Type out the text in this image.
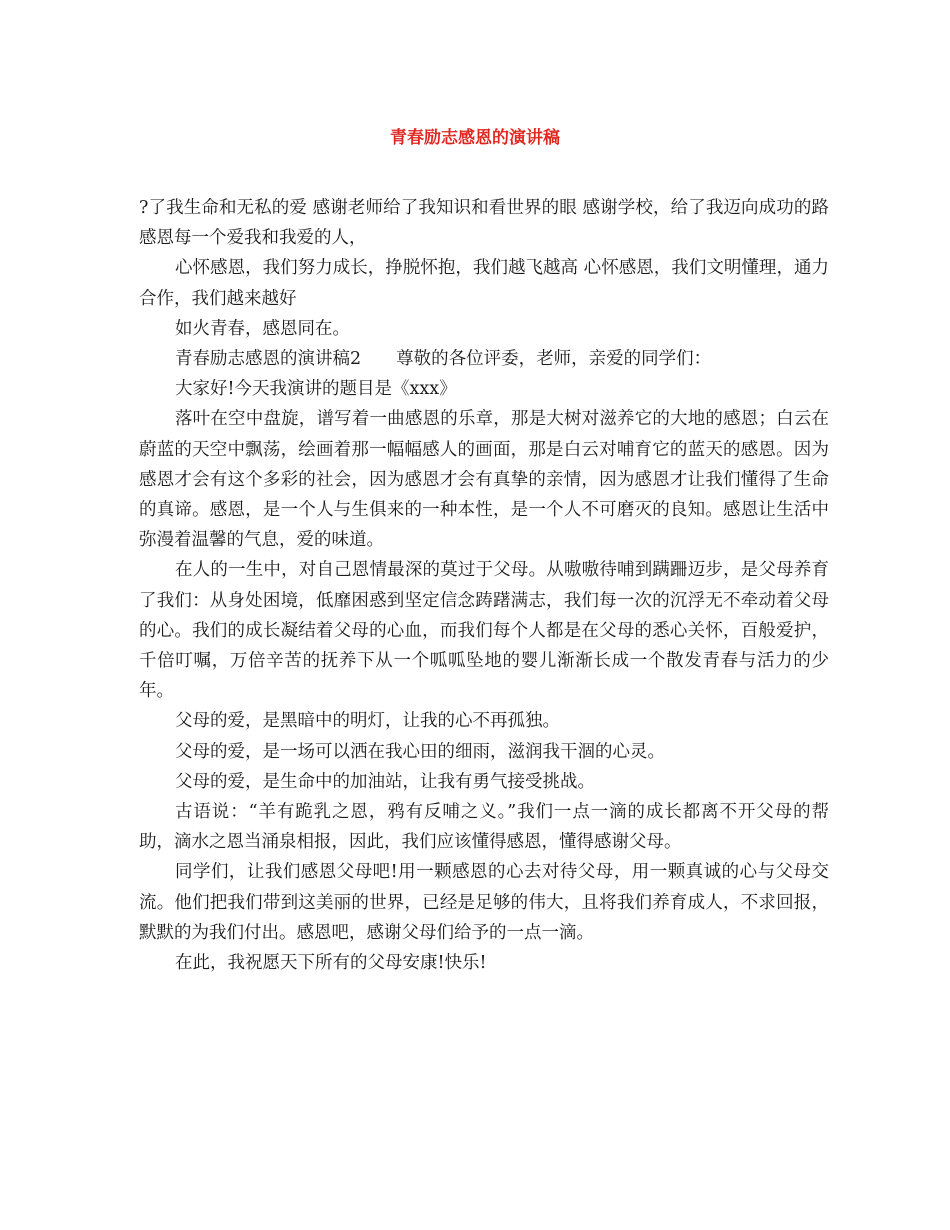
青春励志感恩的演讲稿

?了我生命和无私的爱 感谢老师给了我知识和看世界的眼 感谢学校，给了我迈向成功的路 感恩每一个爱我和我爱的人，

心怀感恩，我们努力成长，挣脱怀抱，我们越飞越高 心怀感恩，我们文明懂理，通力合作，我们越来越好

如火青春，感恩同在。

青春励志感恩的演讲稿2　　尊敬的各位评委，老师，亲爱的同学们：

大家好!今天我演讲的题目是《xxx》

落叶在空中盘旋，谱写着一曲感恩的乐章，那是大树对滋养它的大地的感恩；白云在蔚蓝的天空中飘荡，绘画着那一幅幅感人的画面，那是白云对哺育它的蓝天的感恩。因为感恩才会有这个多彩的社会，因为感恩才会有真挚的亲情，因为感恩才让我们懂得了生命的真谛。感恩，是一个人与生俱来的一种本性，是一个人不可磨灭的良知。感恩让生活中弥漫着温馨的气息，爱的味道。

在人的一生中，对自己恩情最深的莫过于父母。从嗷嗷待哺到蹒跚迈步，是父母养育了我们：从身处困境，低靡困惑到坚定信念踌躇满志，我们每一次的沉浮无不牵动着父母的心。我们的成长凝结着父母的心血，而我们每个人都是在父母的悉心关怀，百般爱护，千倍叮嘱，万倍辛苦的抚养下从一个呱呱坠地的婴儿渐渐长成一个散发青春与活力的少年。

父母的爱，是黑暗中的明灯，让我的心不再孤独。

父母的爱，是一场可以洒在我心田的细雨，滋润我干涸的心灵。

父母的爱，是生命中的加油站，让我有勇气接受挑战。

古语说：“羊有跪乳之恩，鸦有反哺之义。”我们一点一滴的成长都离不开父母的帮助，滴水之恩当涌泉相报，因此，我们应该懂得感恩，懂得感谢父母。

同学们，让我们感恩父母吧!用一颗感恩的心去对待父母，用一颗真诚的心与父母交流。他们把我们带到这美丽的世界，已经是足够的伟大，且将我们养育成人，不求回报，默默的为我们付出。感恩吧，感谢父母们给予的一点一滴。

在此，我祝愿天下所有的父母安康!快乐!
